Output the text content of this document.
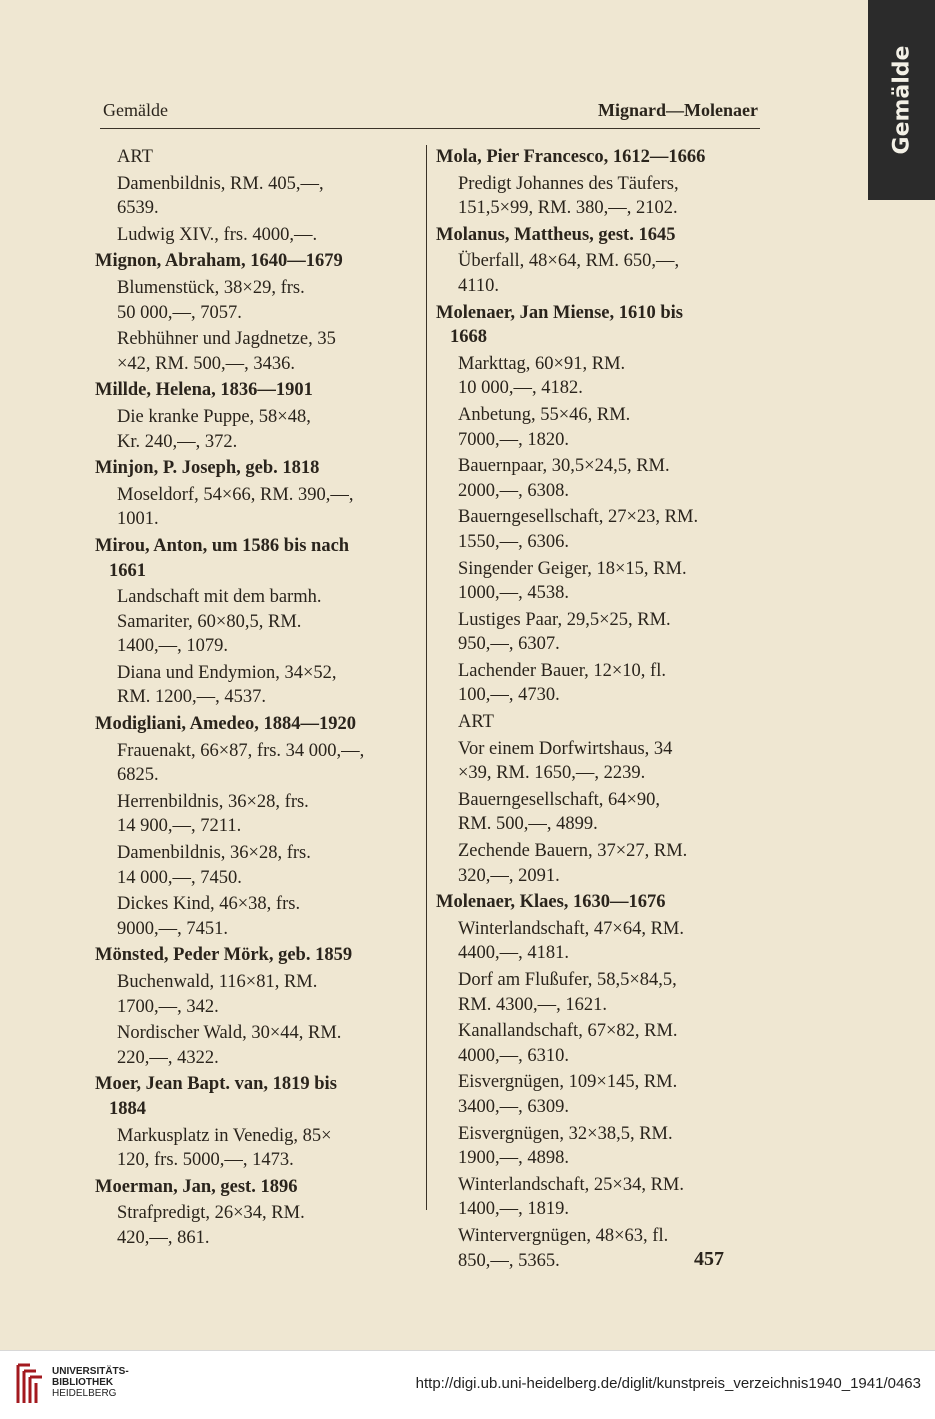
Gemälde
Gemälde	Mignard—Molenaer
ART
Damenbildnis, RM. 405,—,
6539.
Ludwig XIV., frs. 4000,—.
Mignon, Abraham, 1640—1679
Blumenstück, 38×29, frs.
50 000,—, 7057.
Rebhühner und Jagdnetze, 35
×42, RM. 500,—, 3436.
Millde, Helena, 1836—1901
Die kranke Puppe, 58×48,
Kr. 240,—, 372.
Minjon, P. Joseph, geb. 1818
Moseldorf, 54×66, RM. 390,—,
1001.
Mirou, Anton, um 1586 bis nach
1661
Landschaft mit dem barmh.
Samariter, 60×80,5, RM.
1400,—, 1079.
Diana und Endymion, 34×52,
RM. 1200,—, 4537.
Modigliani, Amedeo, 1884—1920
Frauenakt, 66×87, frs. 34 000,—,
6825.
Herrenbildnis, 36×28, frs.
14 900,—, 7211.
Damenbildnis, 36×28, frs.
14 000,—, 7450.
Dickes Kind, 46×38, frs.
9000,—, 7451.
Mönsted, Peder Mörk, geb. 1859
Buchenwald, 116×81, RM.
1700,—, 342.
Nordischer Wald, 30×44, RM.
220,—, 4322.
Moer, Jean Bapt. van, 1819 bis
1884
Markusplatz in Venedig, 85×
120, frs. 5000,—, 1473.
Moerman, Jan, gest. 1896
Strafpredigt, 26×34, RM.
420,—, 861.
Mola, Pier Francesco, 1612—1666
Predigt Johannes des Täufers,
151,5×99, RM. 380,—, 2102.
Molanus, Mattheus, gest. 1645
Überfall, 48×64, RM. 650,—,
4110.
Molenaer, Jan Miense, 1610 bis
1668
Markttag, 60×91, RM.
10 000,—, 4182.
Anbetung, 55×46, RM.
7000,—, 1820.
Bauernpaar, 30,5×24,5, RM.
2000,—, 6308.
Bauerngesellschaft, 27×23, RM.
1550,—, 6306.
Singender Geiger, 18×15, RM.
1000,—, 4538.
Lustiges Paar, 29,5×25, RM.
950,—, 6307.
Lachender Bauer, 12×10, fl.
100,—, 4730.
ART
Vor einem Dorfwirtshaus, 34
×39, RM. 1650,—, 2239.
Bauerngesellschaft, 64×90,
RM. 500,—, 4899.
Zechende Bauern, 37×27, RM.
320,—, 2091.
Molenaer, Klaes, 1630—1676
Winterlandschaft, 47×64, RM.
4400,—, 4181.
Dorf am Flußufer, 58,5×84,5,
RM. 4300,—, 1621.
Kanallandschaft, 67×82, RM.
4000,—, 6310.
Eisvergnügen, 109×145, RM.
3400,—, 6309.
Eisvergnügen, 32×38,5, RM.
1900,—, 4898.
Winterlandschaft, 25×34, RM.
1400,—, 1819.
Wintervergnügen, 48×63, fl.
850,—, 5365.	457
UNIVERSITÄTS-
BIBLIOTHEK
HEIDELBERG
http://digi.ub.uni-heidelberg.de/diglit/kunstpreis_verzeichnis1940_1941/0463
